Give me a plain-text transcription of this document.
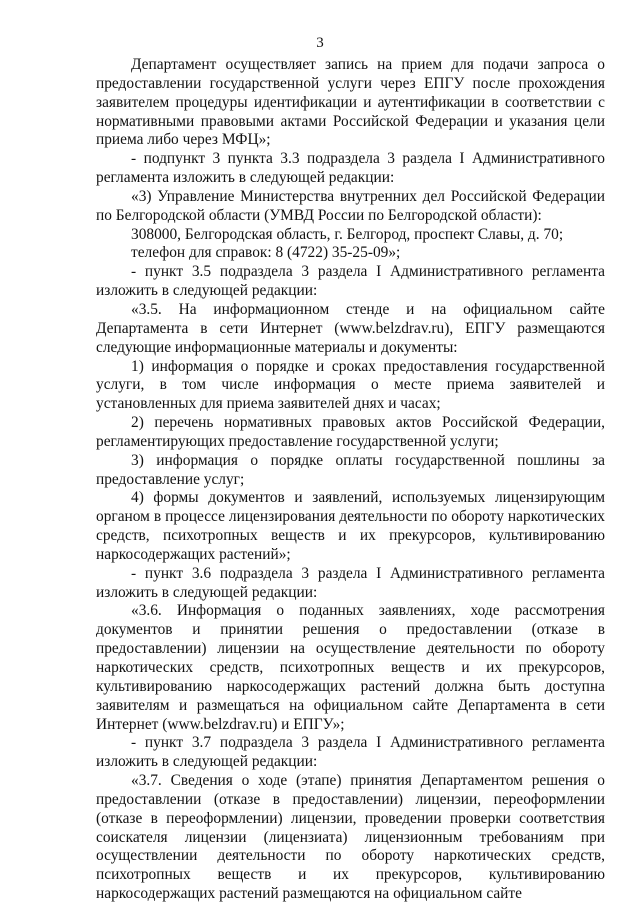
3

Департамент осуществляет запись на прием для подачи запроса о предоставлении государственной услуги через ЕПГУ после прохождения заявителем процедуры идентификации и аутентификации в соответствии с нормативными правовыми актами Российской Федерации и указания цели приема либо через МФЦ»;

- подпункт 3 пункта 3.3 подраздела 3 раздела I Административного регламента изложить в следующей редакции:

«3) Управление Министерства внутренних дел Российской Федерации по Белгородской области (УМВД России по Белгородской области):

308000, Белгородская область, г. Белгород, проспект Славы, д. 70;

телефон для справок: 8 (4722) 35-25-09»;

- пункт 3.5 подраздела 3 раздела I Административного регламента изложить в следующей редакции:

«3.5. На информационном стенде и на официальном сайте Департамента в сети Интернет (www.belzdrav.ru), ЕПГУ размещаются следующие информационные материалы и документы:

1) информация о порядке и сроках предоставления государственной услуги, в том числе информация о месте приема заявителей и установленных для приема заявителей днях и часах;

2) перечень нормативных правовых актов Российской Федерации, регламентирующих предоставление государственной услуги;

3) информация о порядке оплаты государственной пошлины за предоставление услуг;

4) формы документов и заявлений, используемых лицензирующим органом в процессе лицензирования деятельности по обороту наркотических средств, психотропных веществ и их прекурсоров, культивированию наркосодержащих растений»;

- пункт 3.6 подраздела 3 раздела I Административного регламента изложить в следующей редакции:

«3.6. Информация о поданных заявлениях, ходе рассмотрения документов и принятии решения о предоставлении (отказе в предоставлении) лицензии на осуществление деятельности по обороту наркотических средств, психотропных веществ и их прекурсоров, культивированию наркосодержащих растений должна быть доступна заявителям и размещаться на официальном сайте Департамента в сети Интернет (www.belzdrav.ru) и ЕПГУ»;

- пункт 3.7 подраздела 3 раздела I Административного регламента изложить в следующей редакции:

«3.7. Сведения о ходе (этапе) принятия Департаментом решения о предоставлении (отказе в предоставлении) лицензии, переоформлении (отказе в переоформлении) лицензии, проведении проверки соответствия соискателя лицензии (лицензиата) лицензионным требованиям при осуществлении деятельности по обороту наркотических средств, психотропных веществ и их прекурсоров, культивированию наркосодержащих растений размещаются на официальном сайте
